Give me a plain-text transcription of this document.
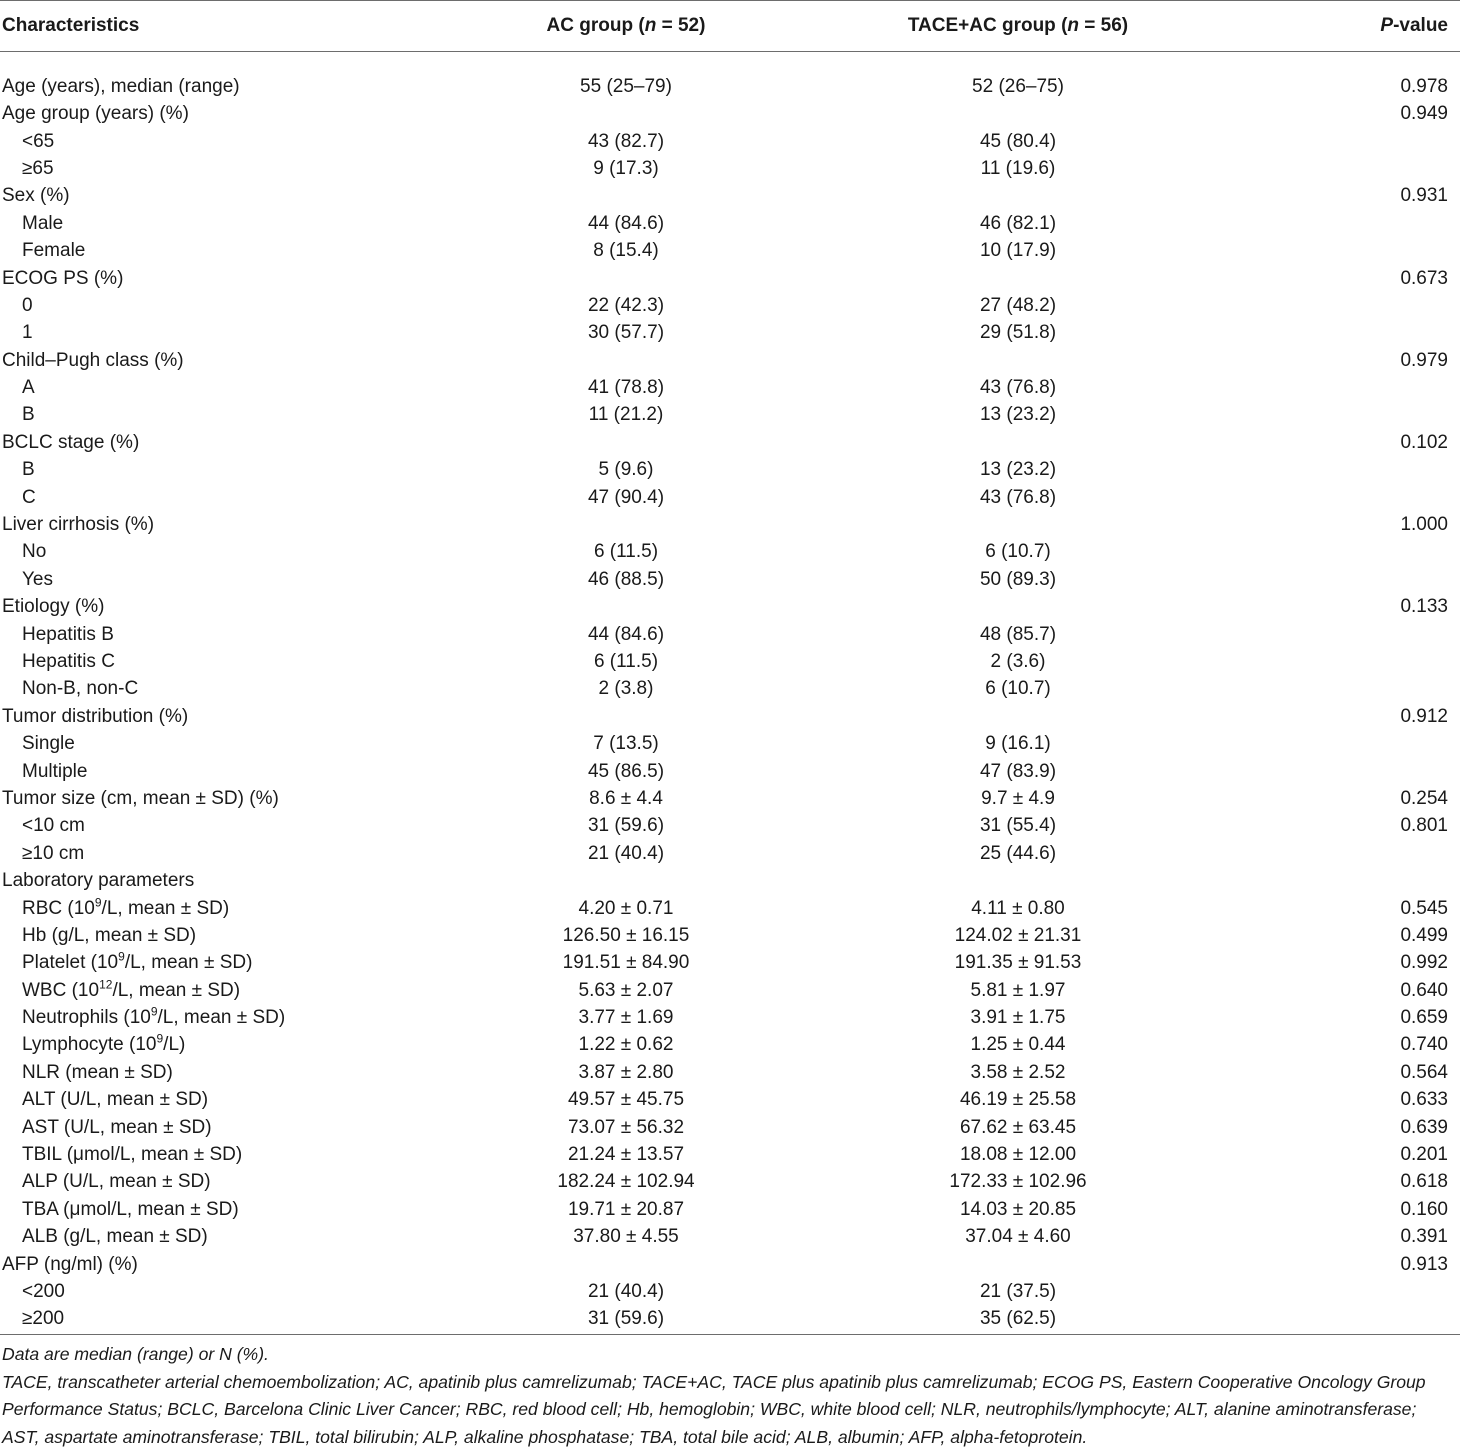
Characteristics	AC group (n = 52)	TACE+AC group (n = 56)	P-value
Age (years), median (range)	55 (25–79)	52 (26–75)	0.978
Age group (years) (%)			0.949
<65	43 (82.7)	45 (80.4)	
≥65	9 (17.3)	11 (19.6)	
Sex (%)			0.931
Male	44 (84.6)	46 (82.1)	
Female	8 (15.4)	10 (17.9)	
ECOG PS (%)			0.673
0	22 (42.3)	27 (48.2)	
1	30 (57.7)	29 (51.8)	
Child–Pugh class (%)			0.979
A	41 (78.8)	43 (76.8)	
B	11 (21.2)	13 (23.2)	
BCLC stage (%)			0.102
B	5 (9.6)	13 (23.2)	
C	47 (90.4)	43 (76.8)	
Liver cirrhosis (%)			1.000
No	6 (11.5)	6 (10.7)	
Yes	46 (88.5)	50 (89.3)	
Etiology (%)			0.133
Hepatitis B	44 (84.6)	48 (85.7)	
Hepatitis C	6 (11.5)	2 (3.6)	
Non-B, non-C	2 (3.8)	6 (10.7)	
Tumor distribution (%)			0.912
Single	7 (13.5)	9 (16.1)	
Multiple	45 (86.5)	47 (83.9)	
Tumor size (cm, mean ± SD) (%)	8.6 ± 4.4	9.7 ± 4.9	0.254
<10 cm	31 (59.6)	31 (55.4)	0.801
≥10 cm	21 (40.4)	25 (44.6)	
Laboratory parameters			
RBC ($10^9/L$, mean ± SD)	4.20 ± 0.71	4.11 ± 0.80	0.545
Hb (g/L, mean ± SD)	126.50 ± 16.15	124.02 ± 21.31	0.499
Platelet ($10^9/L$, mean ± SD)	191.51 ± 84.90	191.35 ± 91.53	0.992
WBC ($10^{12}/L$, mean ± SD)	5.63 ± 2.07	5.81 ± 1.97	0.640
Neutrophils ($10^9/L$, mean ± SD)	3.77 ± 1.69	3.91 ± 1.75	0.659
Lymphocyte $(10^9/L)$	1.22 ± 0.62	1.25 ± 0.44	0.740
NLR (mean ± SD)	3.87 ± 2.80	3.58 ± 2.52	0.564
ALT (U/L, mean ± SD)	49.57 ± 45.75	46.19 ± 25.58	0.633
AST (U/L, mean ± SD)	73.07 ± 56.32	67.62 ± 63.45	0.639
TBIL (μmol/L, mean ± SD)	21.24 ± 13.57	18.08 ± 12.00	0.201
ALP (U/L, mean ± SD)	182.24 ± 102.94	172.33 ± 102.96	0.618
TBA (μmol/L, mean ± SD)	19.71 ± 20.87	14.03 ± 20.85	0.160
ALB (g/L, mean ± SD)	37.80 ± 4.55	37.04 ± 4.60	0.391
AFP (ng/ml) (%)			0.913
<200	21 (40.4)	21 (37.5)	
≥200	31 (59.6)	35 (62.5)	

Data are median (range) or N (%).

TACE, transcatheter arterial chemoembolization; AC, apatinib plus camrelizumab; TACE+AC, TACE plus apatinib plus camrelizumab; ECOG PS, Eastern Cooperative Oncology Group Performance Status; BCLC, Barcelona Clinic Liver Cancer; RBC, red blood cell; Hb, hemoglobin; WBC, white blood cell; NLR, neutrophils/lymphocyte; ALT, alanine aminotransferase; AST, aspartate aminotransferase; TBIL, total bilirubin; ALP, alkaline phosphatase; TBA, total bile acid; ALB, albumin; AFP, alpha-fetoprotein.
